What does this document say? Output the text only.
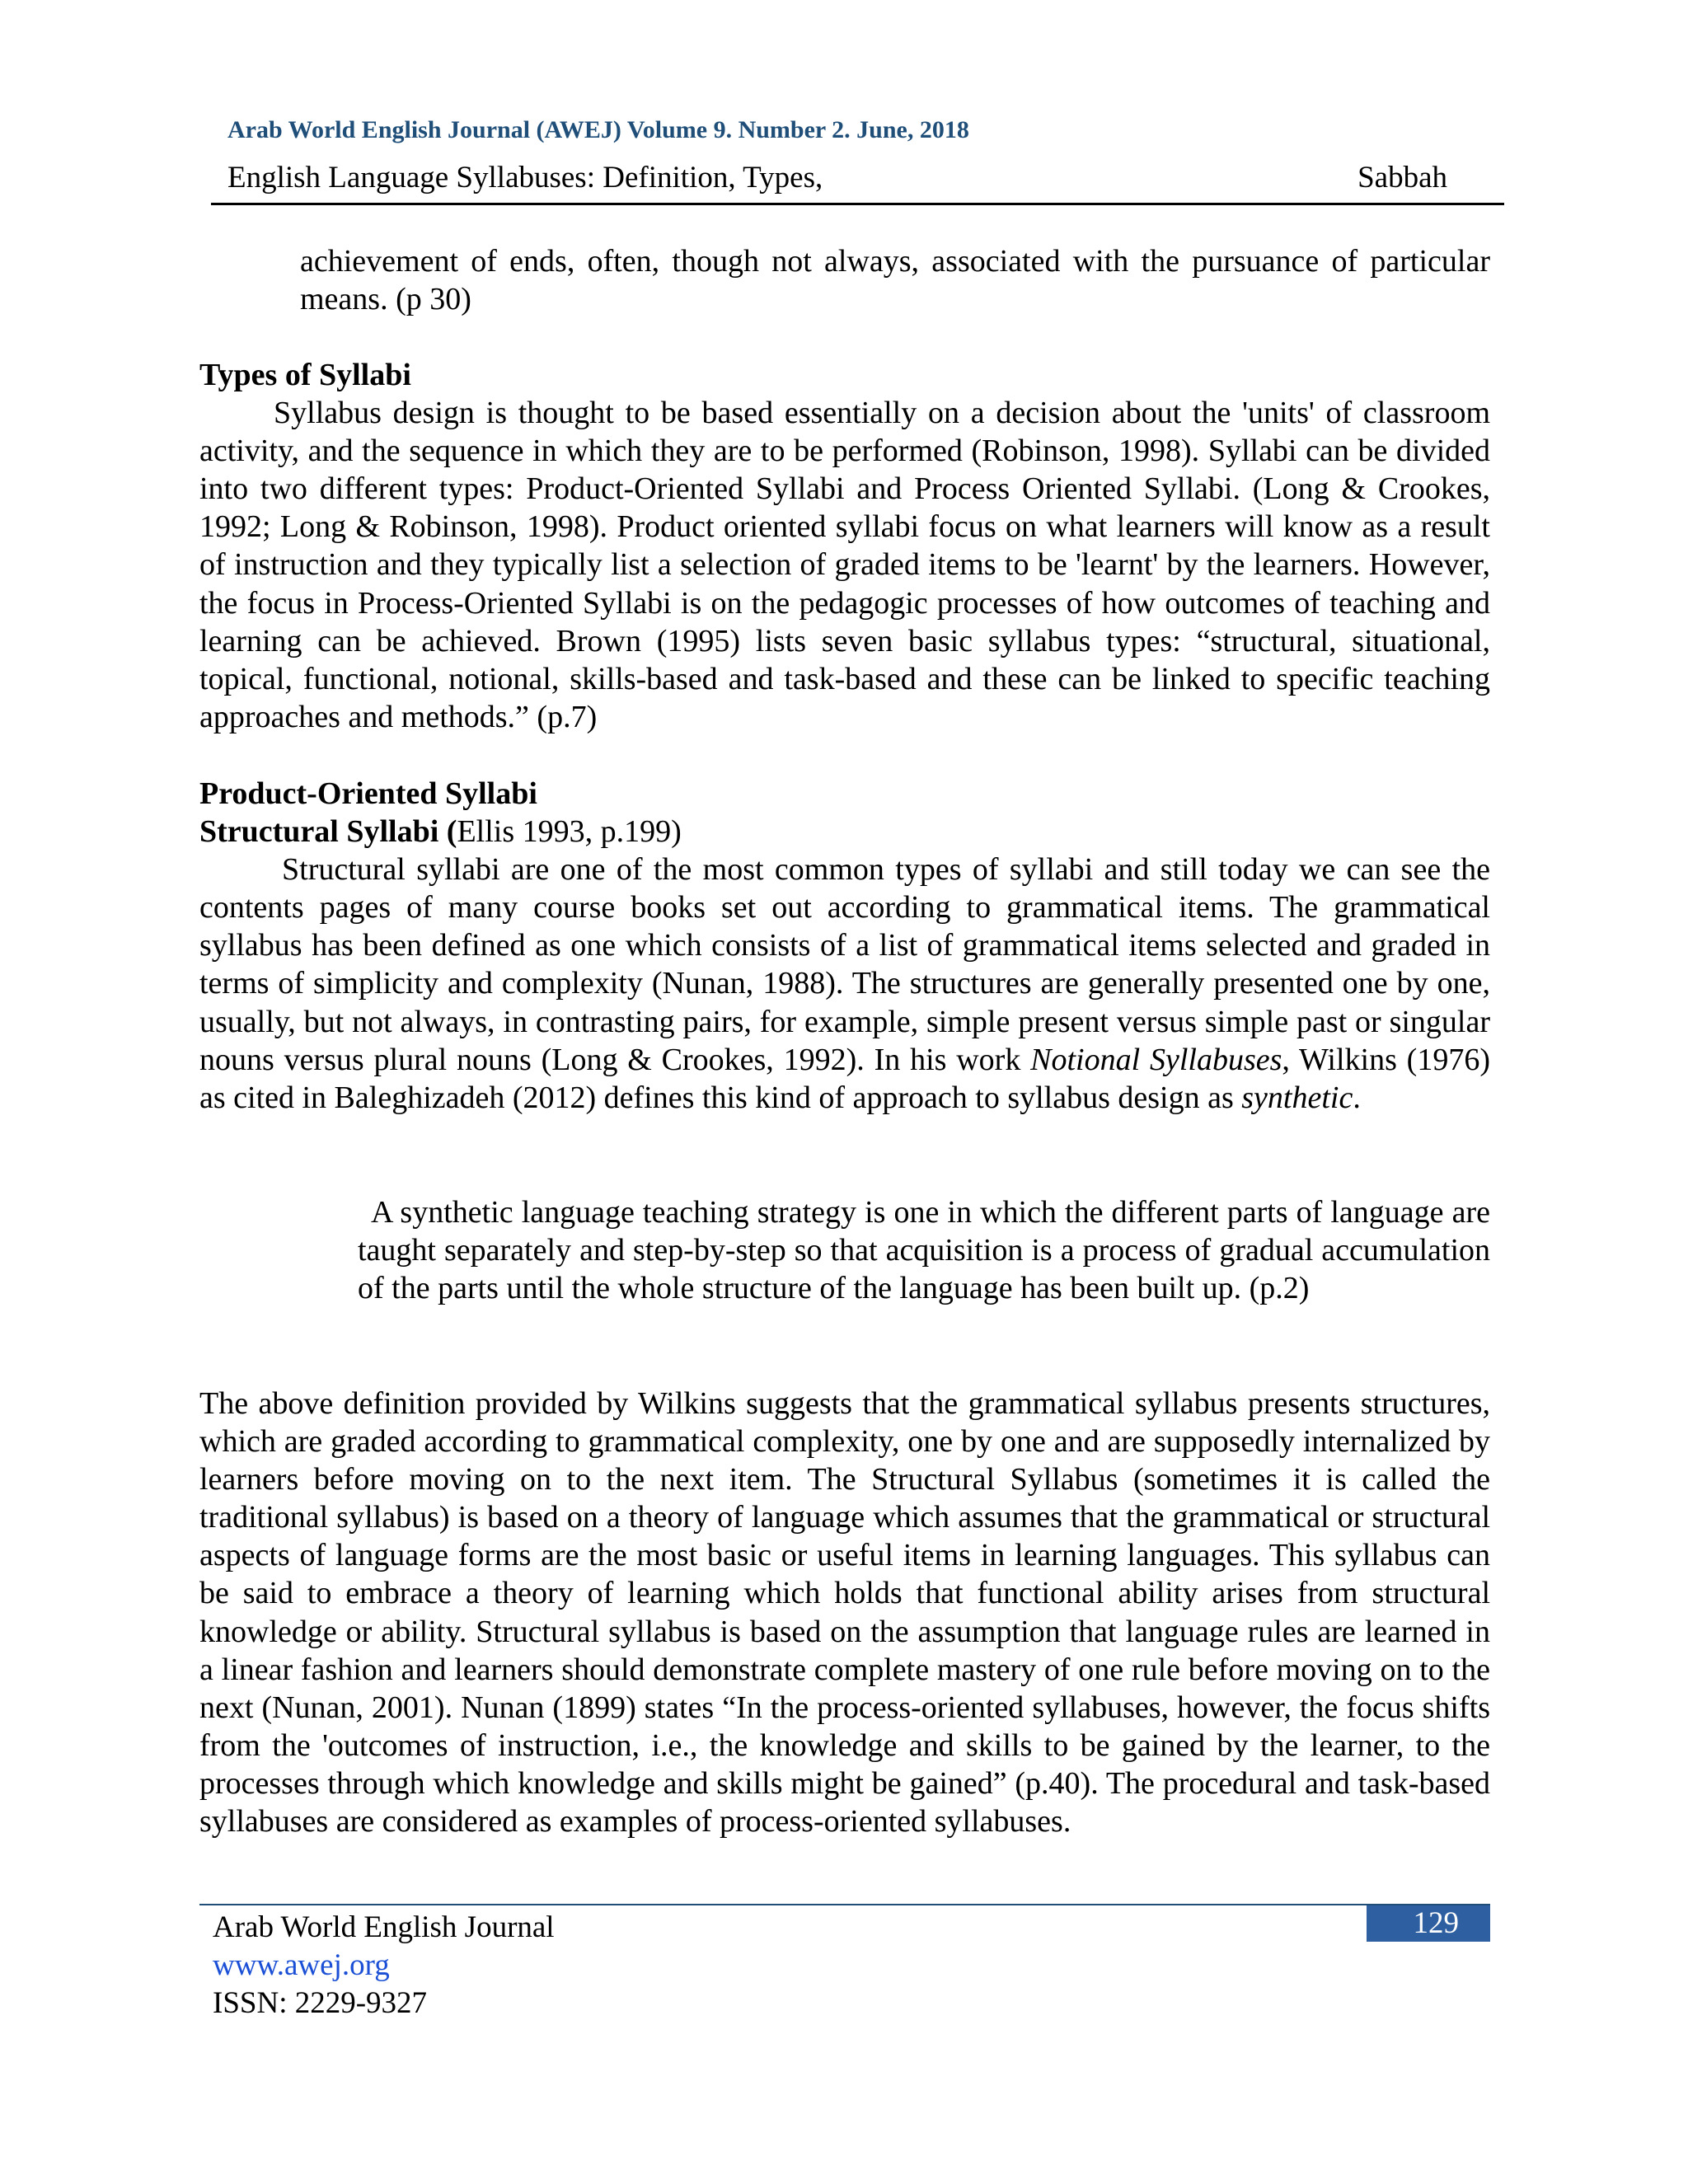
Arab World English Journal (AWEJ) Volume 9. Number 2. June, 2018
English Language Syllabuses: Definition, Types,	Sabbah

achievement of ends, often, though not always, associated with the pursuance of particular means. (p 30)

Types of Syllabi

Syllabus design is thought to be based essentially on a decision about the 'units' of classroom activity, and the sequence in which they are to be performed (Robinson, 1998). Syllabi can be divided into two different types: Product-Oriented Syllabi and Process Oriented Syllabi. (Long & Crookes, 1992; Long & Robinson, 1998). Product oriented syllabi focus on what learners will know as a result of instruction and they typically list a selection of graded items to be 'learnt' by the learners. However, the focus in Process-Oriented Syllabi is on the pedagogic processes of how outcomes of teaching and learning can be achieved. Brown (1995) lists seven basic syllabus types: “structural, situational, topical, functional, notional, skills-based and task-based and these can be linked to specific teaching approaches and methods.” (p.7)

Product-Oriented Syllabi

Structural Syllabi (Ellis 1993, p.199)

Structural syllabi are one of the most common types of syllabi and still today we can see the contents pages of many course books set out according to grammatical items. The grammatical syllabus has been defined as one which consists of a list of grammatical items selected and graded in terms of simplicity and complexity (Nunan, 1988). The structures are generally presented one by one, usually, but not always, in contrasting pairs, for example, simple present versus simple past or singular nouns versus plural nouns (Long & Crookes, 1992). In his work Notional Syllabuses, Wilkins (1976) as cited in Baleghizadeh (2012) defines this kind of approach to syllabus design as synthetic.

A synthetic language teaching strategy is one in which the different parts of language are taught separately and step-by-step so that acquisition is a process of gradual accumulation of the parts until the whole structure of the language has been built up. (p.2)

The above definition provided by Wilkins suggests that the grammatical syllabus presents structures, which are graded according to grammatical complexity, one by one and are supposedly internalized by learners before moving on to the next item. The Structural Syllabus (sometimes it is called the traditional syllabus) is based on a theory of language which assumes that the grammatical or structural aspects of language forms are the most basic or useful items in learning languages. This syllabus can be said to embrace a theory of learning which holds that functional ability arises from structural knowledge or ability. Structural syllabus is based on the assumption that language rules are learned in a linear fashion and learners should demonstrate complete mastery of one rule before moving on to the next (Nunan, 2001). Nunan (1899) states “In the process-oriented syllabuses, however, the focus shifts from the 'outcomes of instruction, i.e., the knowledge and skills to be gained by the learner, to the processes through which knowledge and skills might be gained” (p.40). The procedural and task-based syllabuses are considered as examples of process-oriented syllabuses.

Arab World English Journal	129
www.awej.org
ISSN: 2229-9327
